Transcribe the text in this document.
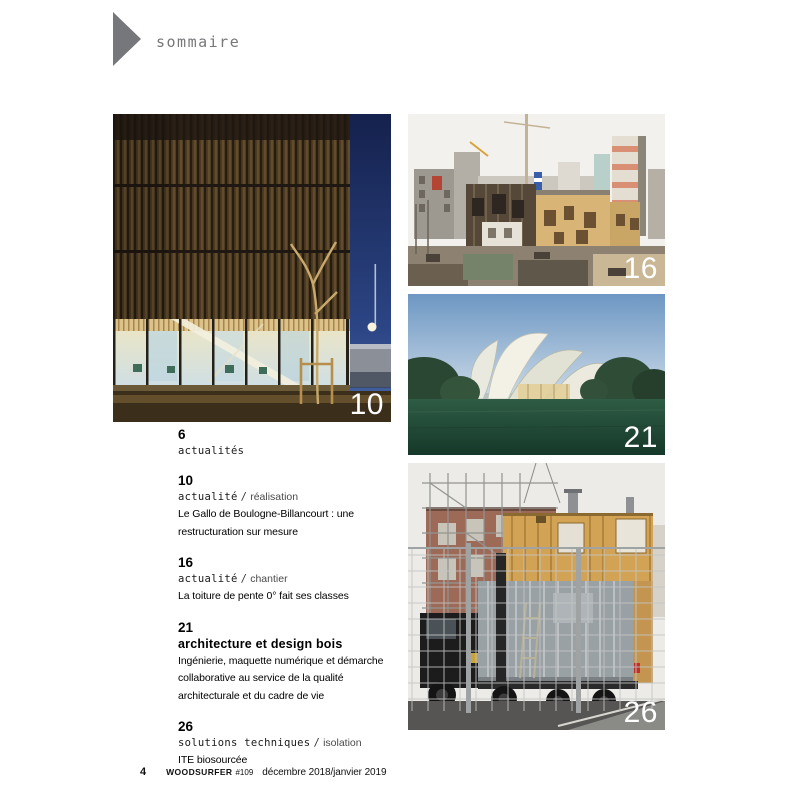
sommaire
10
16
21
26
6
actualités
10
actualité / réalisation
Le Gallo de Boulogne-Billancourt : une restructuration sur mesure
16
actualité / chantier
La toiture de pente 0° fait ses classes
21
architecture et design bois
Ingénierie, maquette numérique et démarche collaborative au service de la qualité architecturale et du cadre de vie
26
solutions techniques / isolation
ITE biosourcée
4 WOODSURFER #109 décembre 2018/janvier 2019
